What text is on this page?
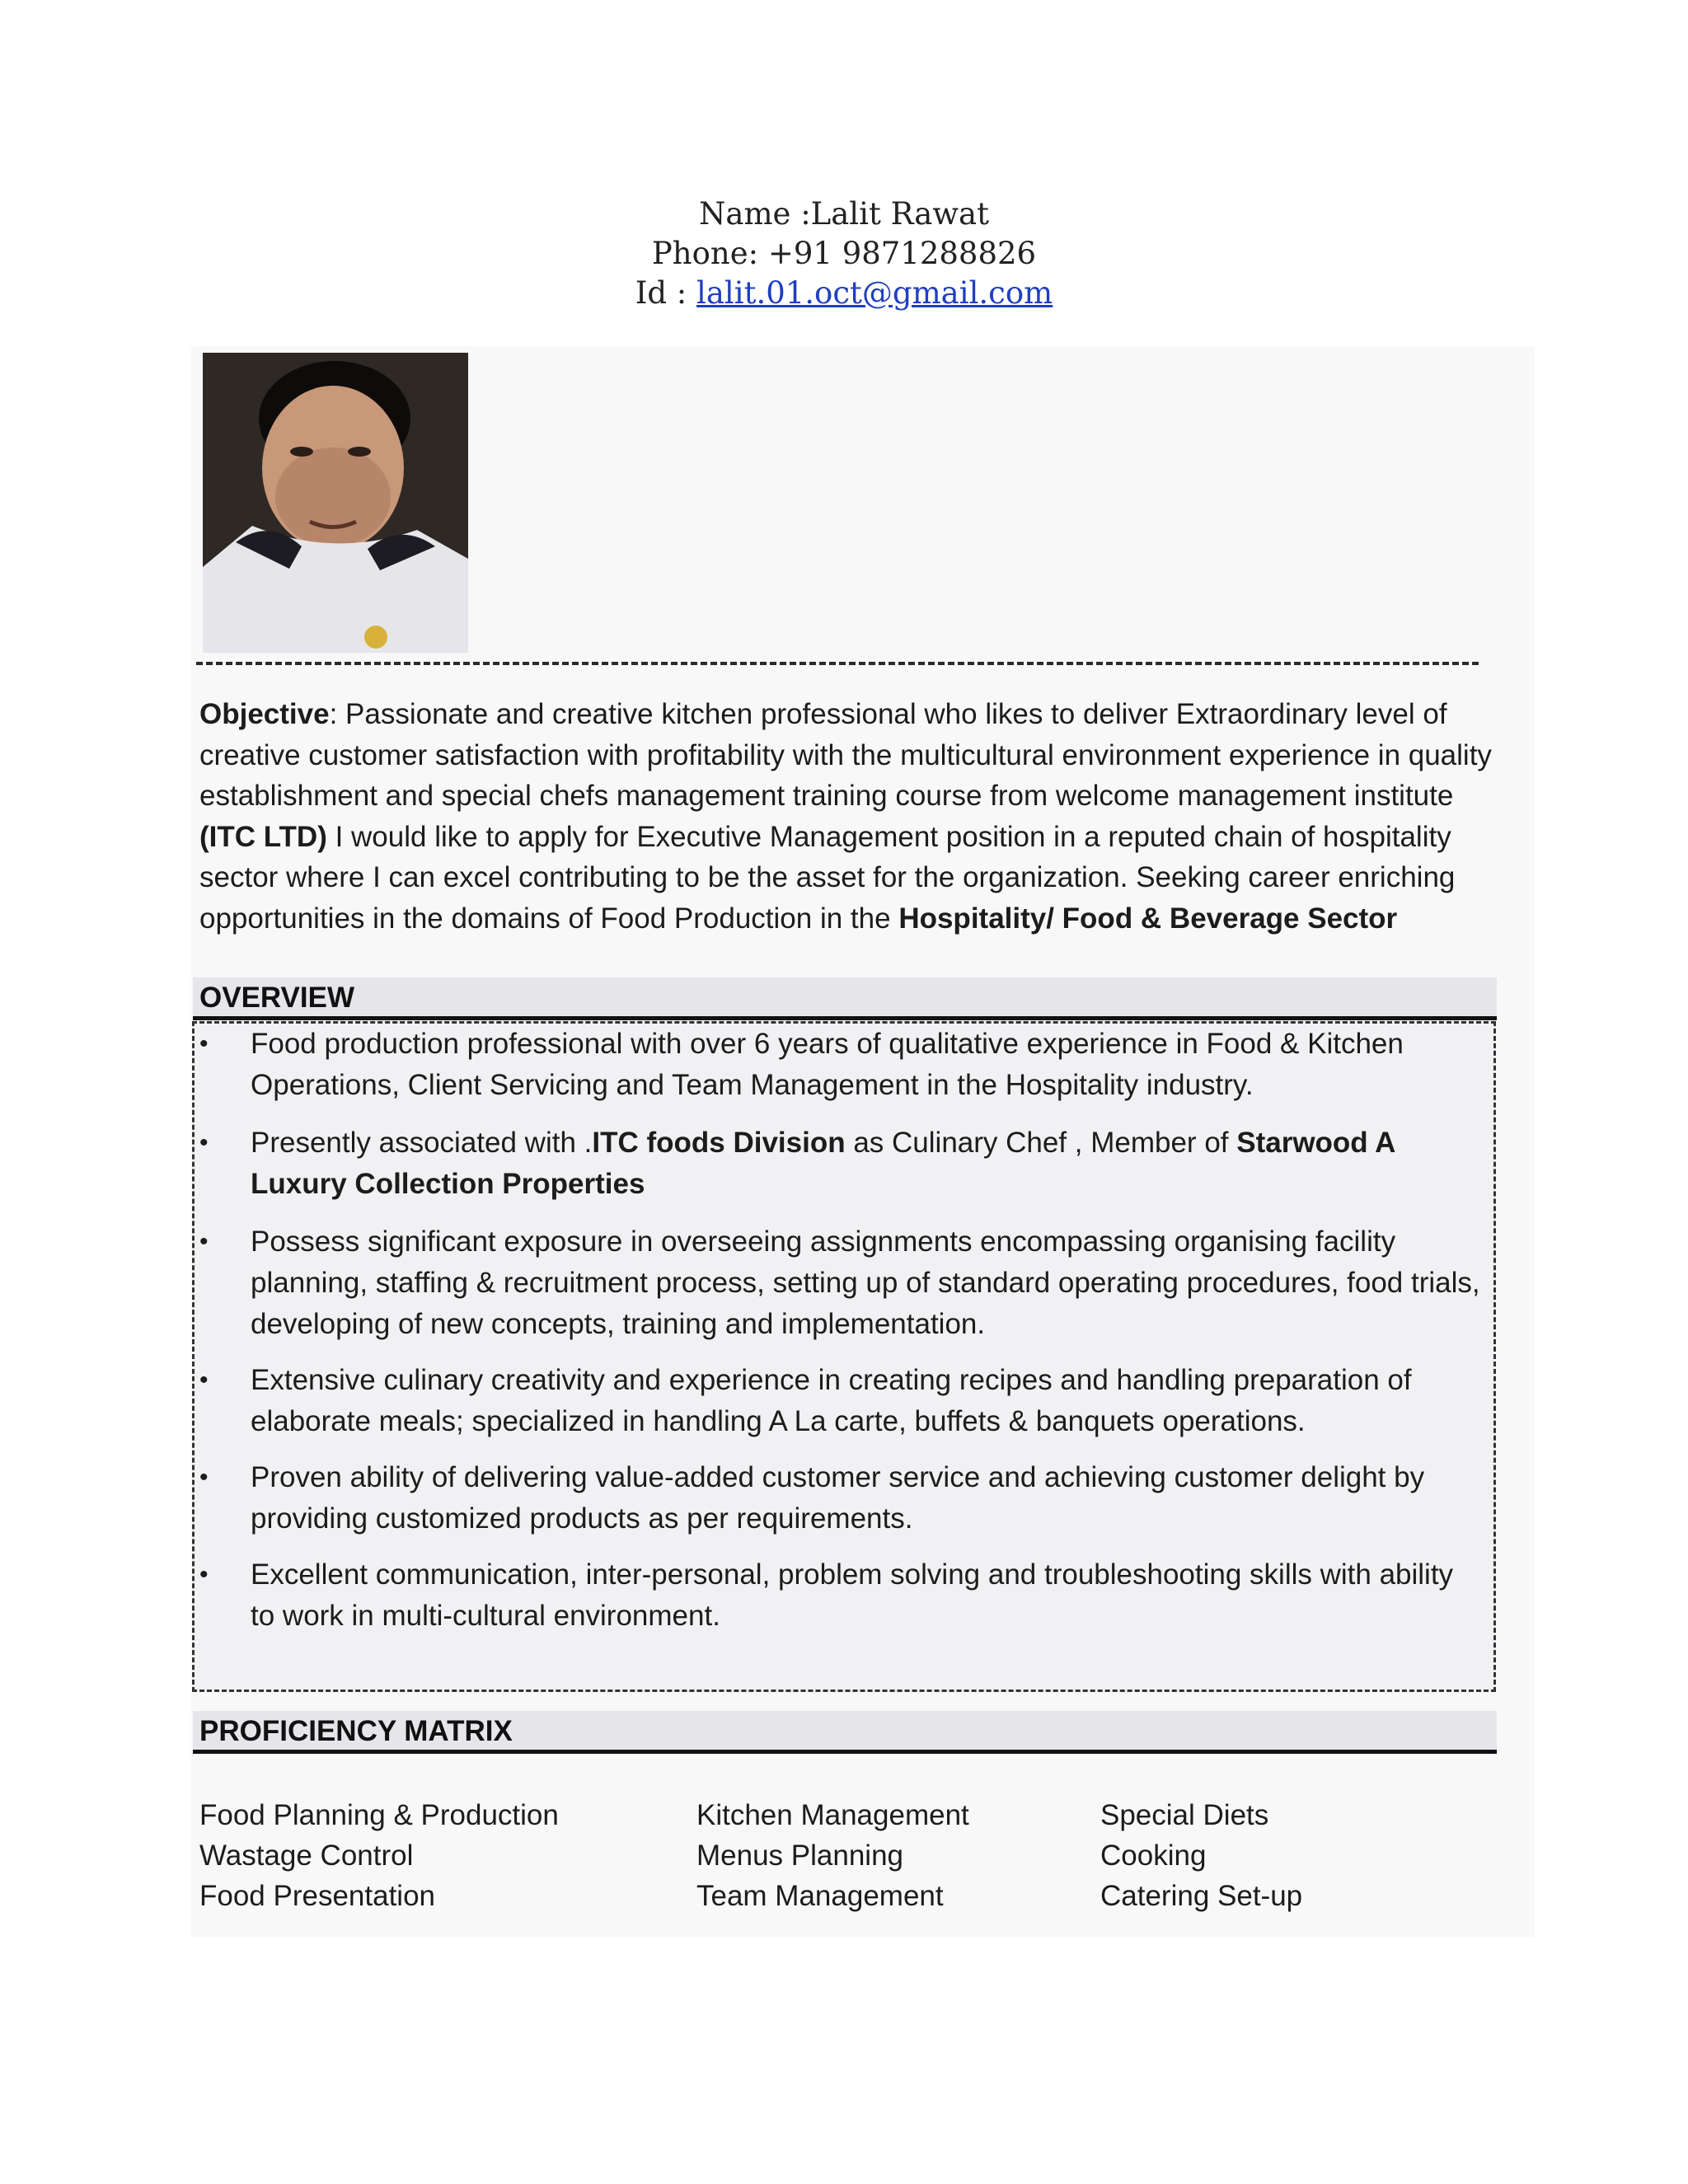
Name :Lalit Rawat
Phone: +91 9871288826
Id : lalit.01.oct@gmail.com
Objective: Passionate and creative kitchen professional who likes to deliver Extraordinary level of creative customer satisfaction with profitability with the multicultural environment experience in quality establishment and special chefs management training course from welcome management institute (ITC LTD) I would like to apply for Executive Management position in a reputed chain of hospitality sector where I can excel contributing to be the asset for the organization. Seeking career enriching opportunities in the domains of Food Production in the Hospitality/ Food & Beverage Sector
OVERVIEW
• Food production professional with over 6 years of qualitative experience in Food & Kitchen Operations, Client Servicing and Team Management in the Hospitality industry.
• Presently associated with .ITC foods Division as Culinary Chef , Member of Starwood A Luxury Collection Properties
• Possess significant exposure in overseeing assignments encompassing organising facility planning, staffing & recruitment process, setting up of standard operating procedures, food trials, developing of new concepts, training and implementation.
• Extensive culinary creativity and experience in creating recipes and handling preparation of elaborate meals; specialized in handling A La carte, buffets & banquets operations.
• Proven ability of delivering value-added customer service and achieving customer delight by providing customized products as per requirements.
• Excellent communication, inter-personal, problem solving and troubleshooting skills with ability to work in multi-cultural environment.
PROFICIENCY MATRIX
Food Planning & Production
Wastage Control
Food Presentation
Kitchen Management
Menus Planning
Team Management
Special Diets
Cooking
Catering Set-up
